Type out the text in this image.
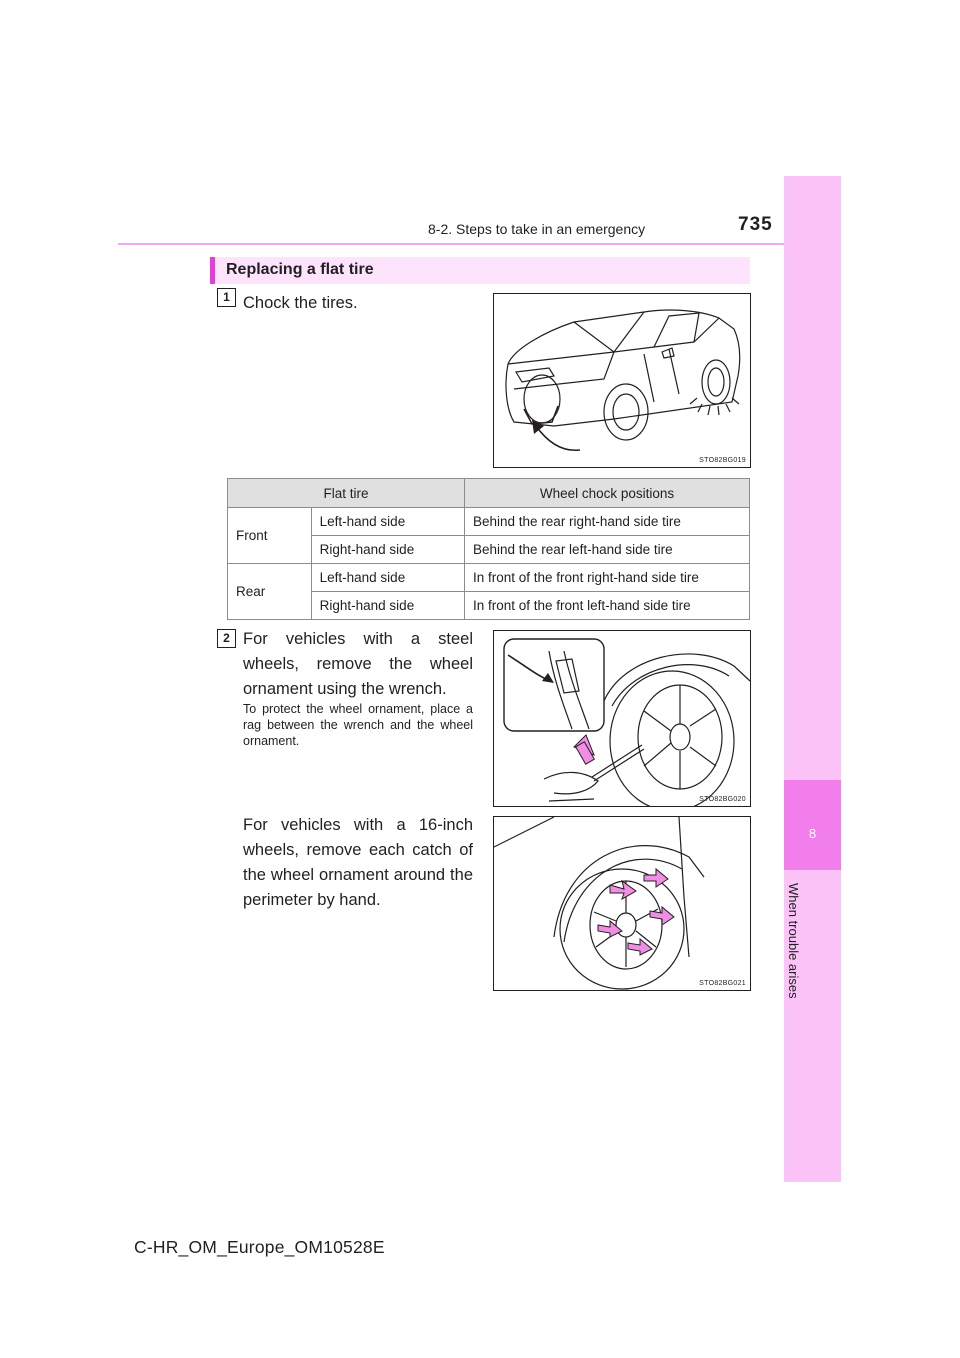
8-2. Steps to take in an emergency	735
8
When trouble arises
Replacing a flat tire
1 Chock the tires.
STO82BG019
Flat tire		Wheel chock positions
Front	Left-hand side	Behind the rear right-hand side tire
	Right-hand side	Behind the rear left-hand side tire
Rear	Left-hand side	In front of the front right-hand side tire
	Right-hand side	In front of the front left-hand side tire
2 For vehicles with a steel wheels, remove the wheel ornament using the wrench.
To protect the wheel ornament, place a rag between the wrench and the wheel ornament.
STO82BG020
For vehicles with a 16-inch wheels, remove each catch of the wheel ornament around the perimeter by hand.
STO82BG021
C-HR_OM_Europe_OM10528E
